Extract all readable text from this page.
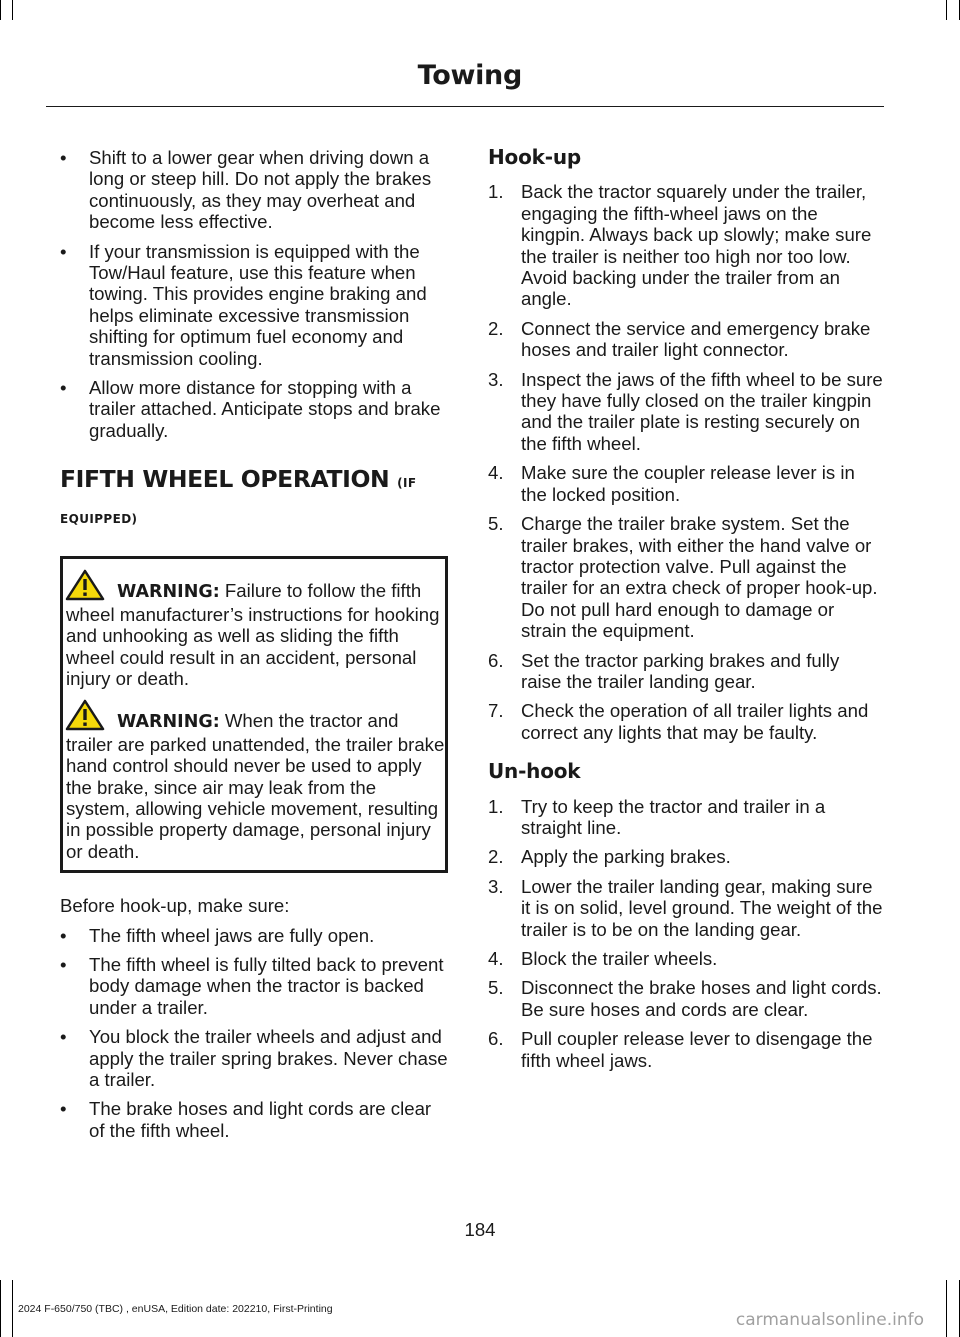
Towing
• Shift to a lower gear when driving down a long or steep hill. Do not apply the brakes continuously, as they may overheat and become less effective.
• If your transmission is equipped with the Tow/Haul feature, use this feature when towing. This provides engine braking and helps eliminate excessive transmission shifting for optimum fuel economy and transmission cooling.
• Allow more distance for stopping with a trailer attached. Anticipate stops and brake gradually.
FIFTH WHEEL OPERATION (IF EQUIPPED)

WARNING: Failure to follow the fifth wheel manufacturer’s instructions for hooking and unhooking as well as sliding the fifth wheel could result in an accident, personal injury or death.

WARNING: When the tractor and trailer are parked unattended, the trailer brake hand control should never be used to apply the brake, since air may leak from the system, allowing vehicle movement, resulting in possible property damage, personal injury or death.

Before hook-up, make sure:

• The fifth wheel jaws are fully open.
• The fifth wheel is fully tilted back to prevent body damage when the tractor is backed under a trailer.
• You block the trailer wheels and adjust and apply the trailer spring brakes. Never chase a trailer.
• The brake hoses and light cords are clear of the fifth wheel.
Hook-up
1. Back the tractor squarely under the trailer, engaging the fifth-wheel jaws on the kingpin. Always back up slowly; make sure the trailer is neither too high nor too low. Avoid backing under the trailer from an angle.
2. Connect the service and emergency brake hoses and trailer light connector.
3. Inspect the jaws of the fifth wheel to be sure they have fully closed on the trailer kingpin and the trailer plate is resting securely on the fifth wheel.
4. Make sure the coupler release lever is in the locked position.
5. Charge the trailer brake system. Set the trailer brakes, with either the hand valve or tractor protection valve. Pull against the trailer for an extra check of proper hook-up. Do not pull hard enough to damage or strain the equipment.
6. Set the tractor parking brakes and fully raise the trailer landing gear.
7. Check the operation of all trailer lights and correct any lights that may be faulty.
Un-hook
1. Try to keep the tractor and trailer in a straight line.
2. Apply the parking brakes.
3. Lower the trailer landing gear, making sure it is on solid, level ground. The weight of the trailer is to be on the landing gear.
4. Block the trailer wheels.
5. Disconnect the brake hoses and light cords. Be sure hoses and cords are clear.
6. Pull coupler release lever to disengage the fifth wheel jaws.
184
2024 F-650/750 (TBC) , enUSA, Edition date: 202210, First-Printing
carmanualsonline.info
